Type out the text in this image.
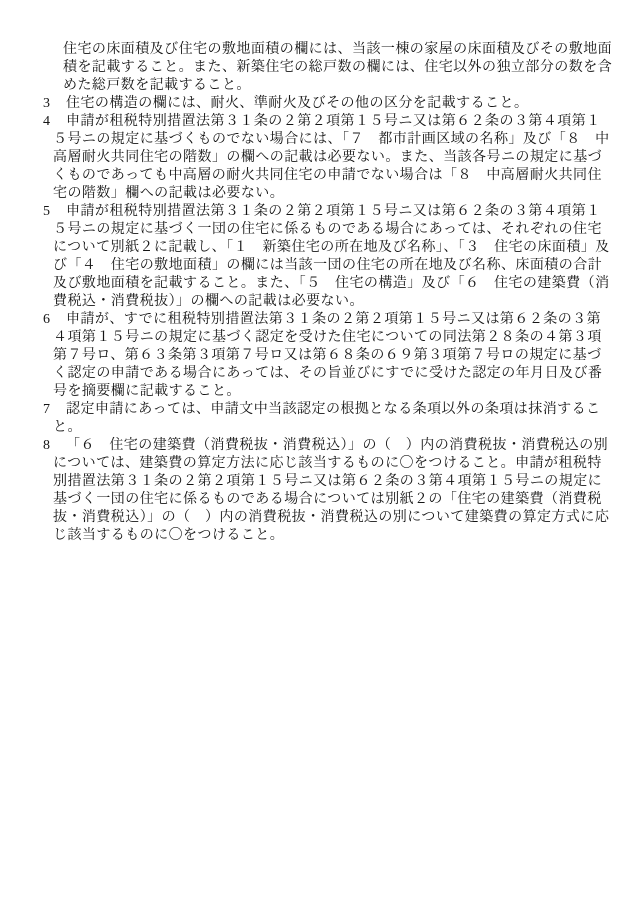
住宅の床面積及び住宅の敷地面積の欄には、当該一棟の家屋の床面積及びその敷地面
積を記載すること。また、新築住宅の総戸数の欄には、住宅以外の独立部分の数を含
めた総戸数を記載すること。
3 住宅の構造の欄には、耐火、準耐火及びその他の区分を記載すること。
4 申請が租税特別措置法第３１条の２第２項第１５号ニ又は第６２条の３第４項第１
５号ニの規定に基づくものでない場合には、「７　都市計画区域の名称」及び「８　中
高層耐火共同住宅の階数」の欄への記載は必要ない。また、当該各号ニの規定に基づ
くものであっても中高層の耐火共同住宅の申請でない場合は「８　中高層耐火共同住
宅の階数」欄への記載は必要ない。
5 申請が租税特別措置法第３１条の２第２項第１５号ニ又は第６２条の３第４項第１
５号ニの規定に基づく一団の住宅に係るものである場合にあっては、それぞれの住宅
について別紙２に記載し、「１　新築住宅の所在地及び名称」、「３　住宅の床面積」及
び「４　住宅の敷地面積」の欄には当該一団の住宅の所在地及び名称、床面積の合計
及び敷地面積を記載すること。また、「５　住宅の構造」及び「６　住宅の建築費（消
費税込・消費税抜）」の欄への記載は必要ない。
6 申請が、すでに租税特別措置法第３１条の２第２項第１５号ニ又は第６２条の３第
４項第１５号ニの規定に基づく認定を受けた住宅についての同法第２８条の４第３項
第７号ロ、第６３条第３項第７号ロ又は第６８条の６９第３項第７号ロの規定に基づ
く認定の申請である場合にあっては、その旨並びにすでに受けた認定の年月日及び番
号を摘要欄に記載すること。
7 認定申請にあっては、申請文中当該認定の根拠となる条項以外の条項は抹消するこ
と。
8 「６　住宅の建築費（消費税抜・消費税込）」の（　）内の消費税抜・消費税込の別
については、建築費の算定方法に応じ該当するものに〇をつけること。申請が租税特
別措置法第３１条の２第２項第１５号ニ又は第６２条の３第４項第１５号ニの規定に
基づく一団の住宅に係るものである場合については別紙２の「住宅の建築費（消費税
抜・消費税込）」の（　）内の消費税抜・消費税込の別について建築費の算定方式に応
じ該当するものに〇をつけること。
